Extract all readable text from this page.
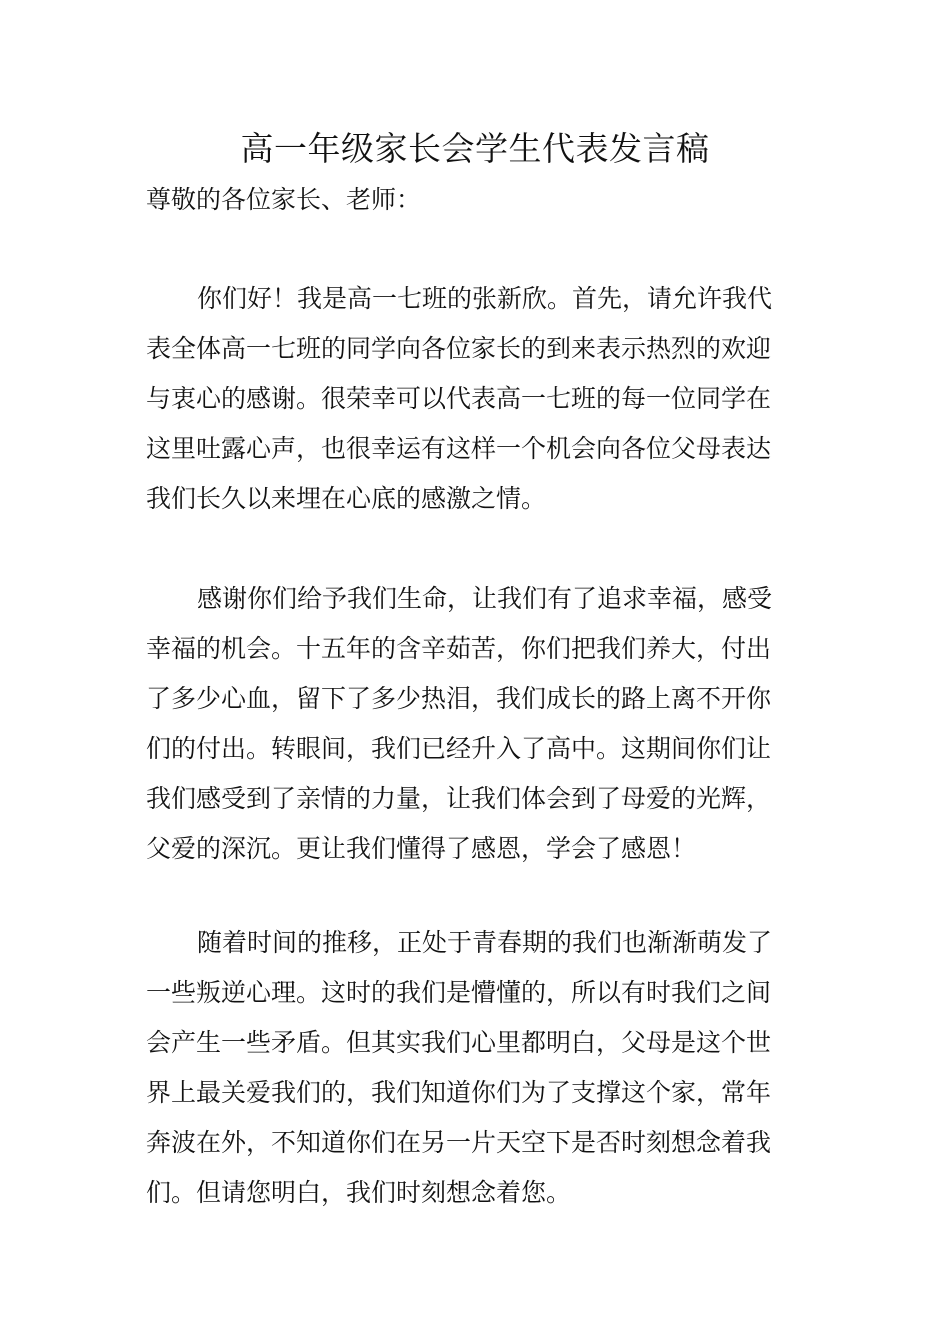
高一年级家长会学生代表发言稿

尊敬的各位家长、老师：

你们好！我是高一七班的张新欣。首先，请允许我代
表全体高一七班的同学向各位家长的到来表示热烈的欢迎
与衷心的感谢。很荣幸可以代表高一七班的每一位同学在
这里吐露心声，也很幸运有这样一个机会向各位父母表达
我们长久以来埋在心底的感激之情。
感谢你们给予我们生命，让我们有了追求幸福，感受
幸福的机会。十五年的含辛茹苦，你们把我们养大，付出
了多少心血，留下了多少热泪，我们成长的路上离不开你
们的付出。转眼间，我们已经升入了高中。这期间你们让
我们感受到了亲情的力量，让我们体会到了母爱的光辉，
父爱的深沉。更让我们懂得了感恩，学会了感恩！
随着时间的推移，正处于青春期的我们也渐渐萌发了
一些叛逆心理。这时的我们是懵懂的，所以有时我们之间
会产生一些矛盾。但其实我们心里都明白，父母是这个世
界上最关爱我们的，我们知道你们为了支撑这个家，常年
奔波在外，不知道你们在另一片天空下是否时刻想念着我
们。但请您明白，我们时刻想念着您。
